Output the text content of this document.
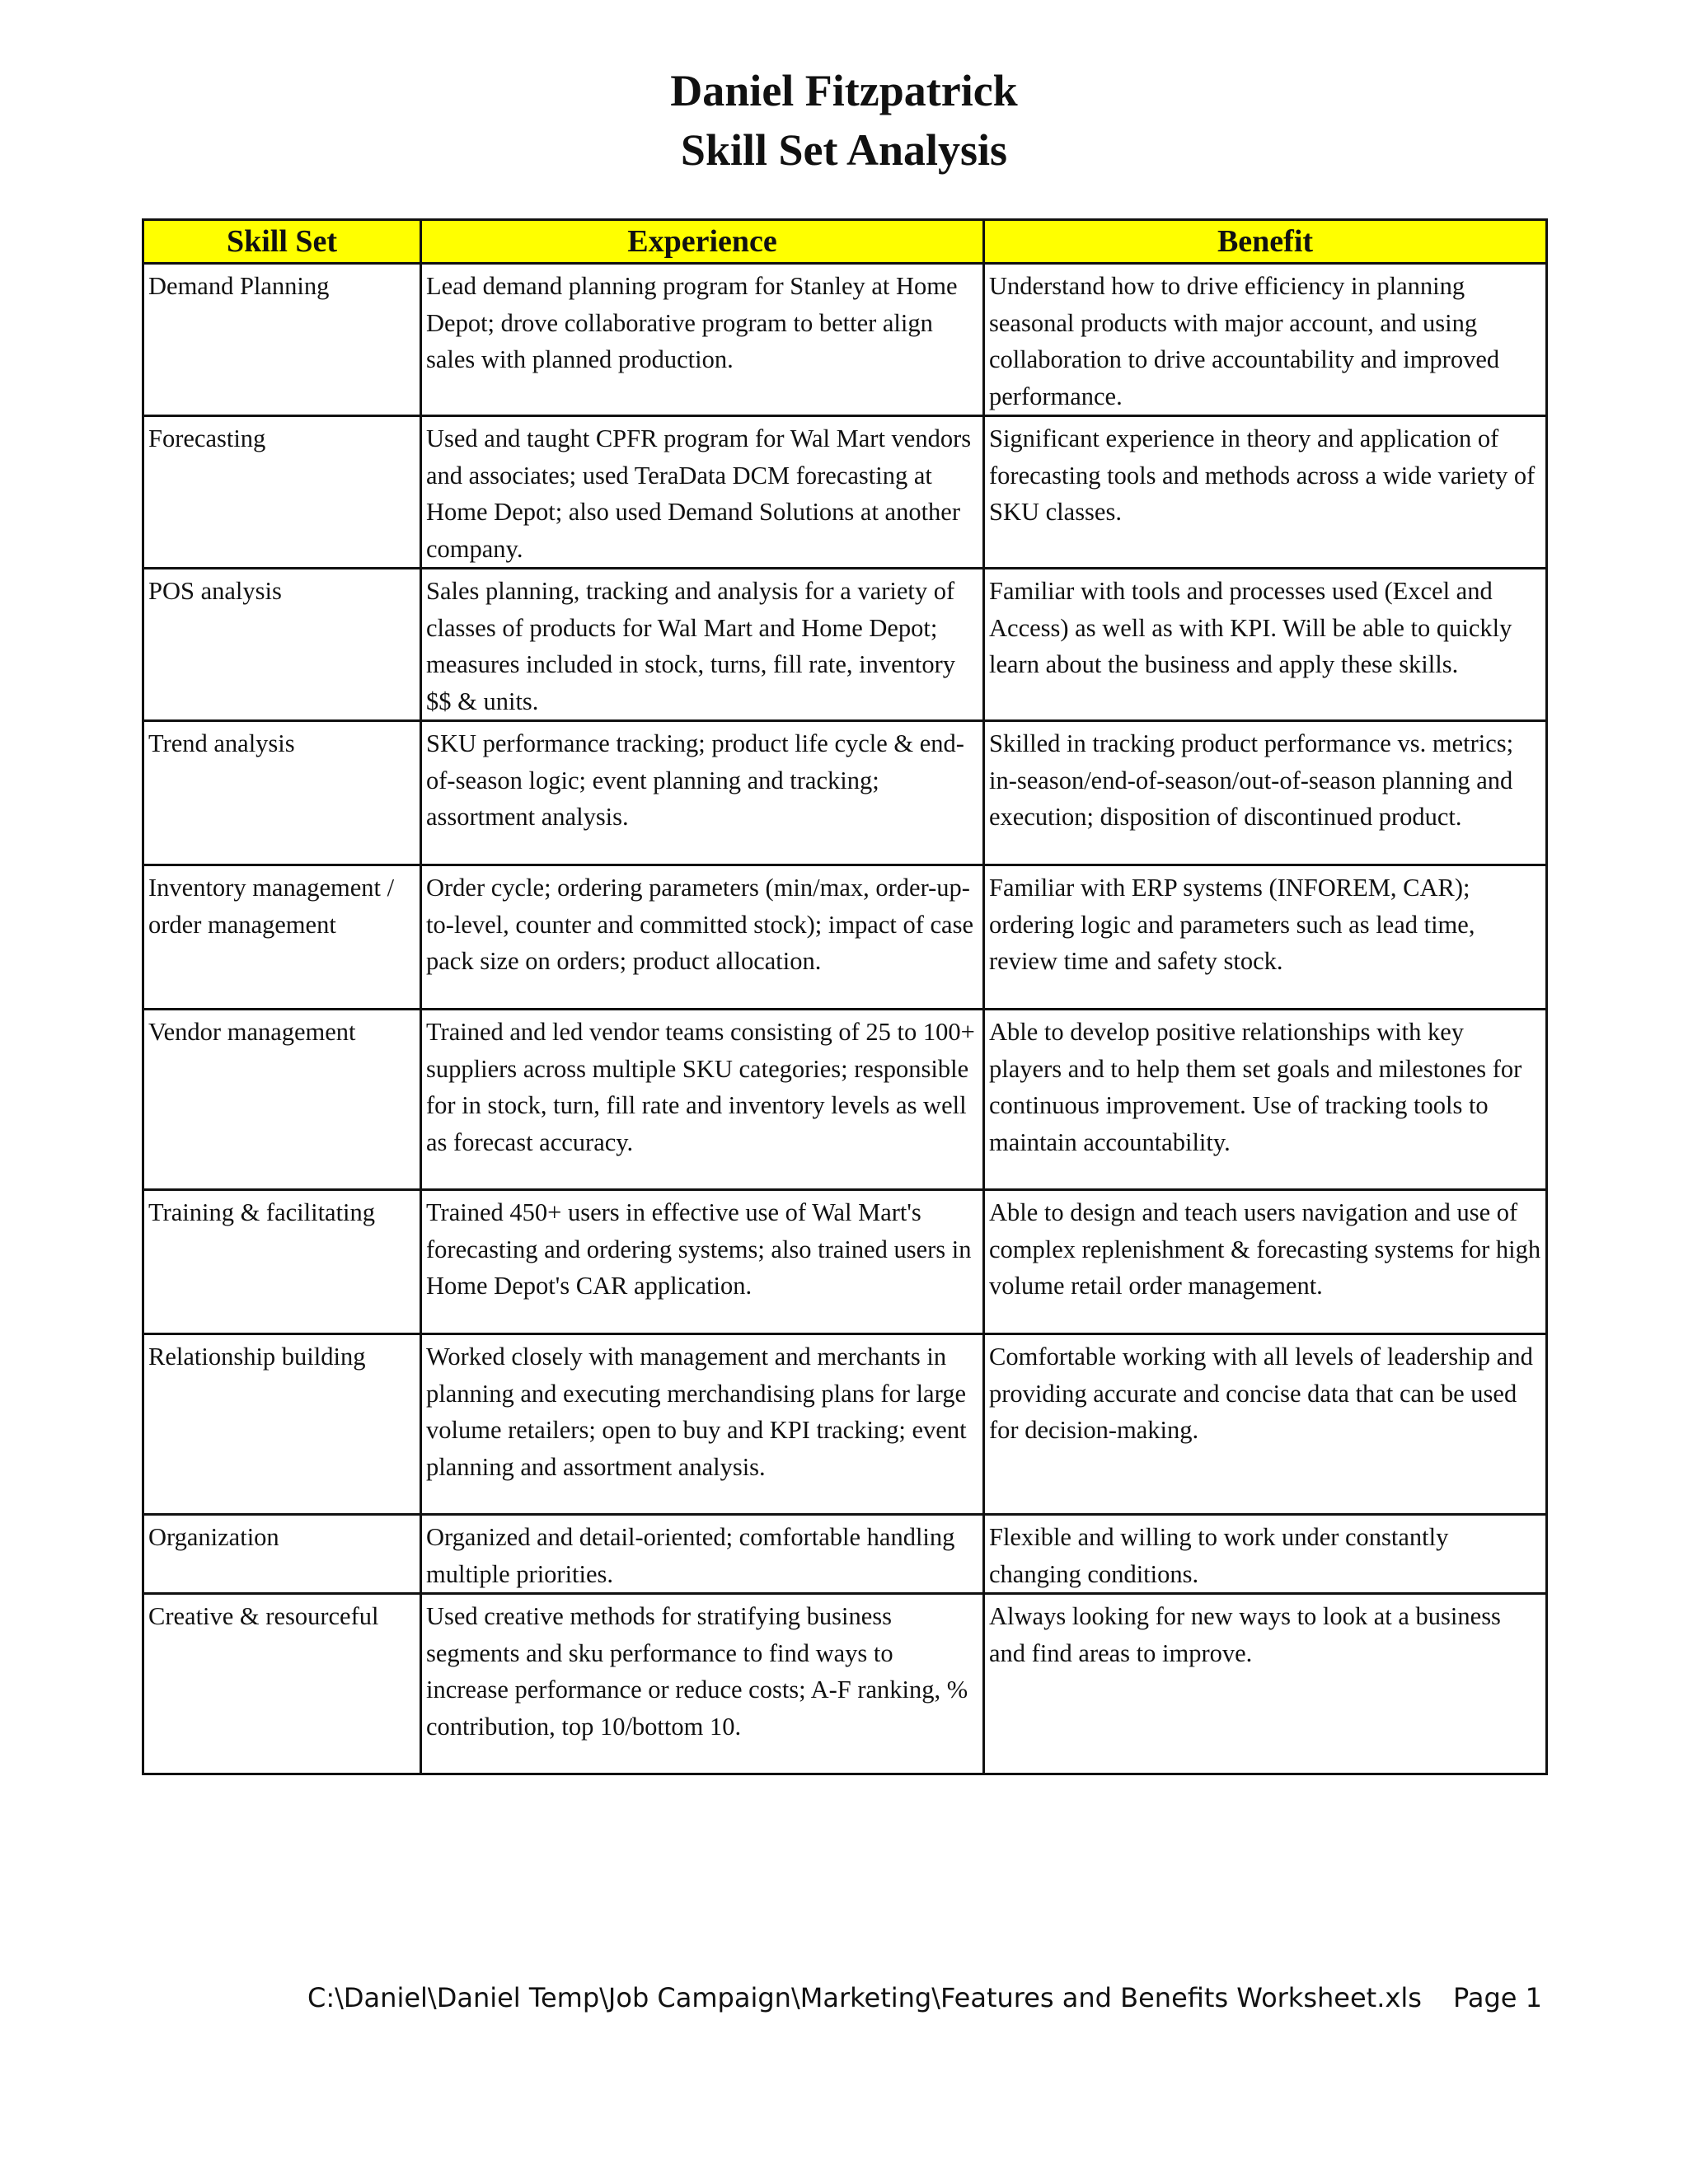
Daniel Fitzpatrick
Skill Set Analysis
Skill Set	Experience	Benefit
Demand Planning	Lead demand planning program for Stanley at Home Depot; drove collaborative program to better align sales with planned production.	Understand how to drive efficiency in planning seasonal products with major account, and using collaboration to drive accountability and improved performance.
Forecasting	Used and taught CPFR program for Wal Mart vendors and associates; used TeraData DCM forecasting at Home Depot; also used Demand Solutions at another company.	Significant experience in theory and application of forecasting tools and methods across a wide variety of SKU classes.
POS analysis	Sales planning, tracking and analysis for a variety of classes of products for Wal Mart and Home Depot; measures included in stock, turns, fill rate, inventory $$ & units.	Familiar with tools and processes used (Excel and Access) as well as with KPI. Will be able to quickly learn about the business and apply these skills.
Trend analysis	SKU performance tracking; product life cycle & end-of-season logic; event planning and tracking; assortment analysis.	Skilled in tracking product performance vs. metrics; in-season/end-of-season/out-of-season planning and execution; disposition of discontinued product.
Inventory management / order management	Order cycle; ordering parameters (min/max, order-up-to-level, counter and committed stock); impact of case pack size on orders; product allocation.	Familiar with ERP systems (INFOREM, CAR); ordering logic and parameters such as lead time, review time and safety stock.
Vendor management	Trained and led vendor teams consisting of 25 to 100+ suppliers across multiple SKU categories; responsible for in stock, turn, fill rate and inventory levels as well as forecast accuracy.	Able to develop positive relationships with key players and to help them set goals and milestones for continuous improvement. Use of tracking tools to maintain accountability.
Training & facilitating	Trained 450+ users in effective use of Wal Mart's forecasting and ordering systems; also trained users in Home Depot's CAR application.	Able to design and teach users navigation and use of complex replenishment & forecasting systems for high volume retail order management.
Relationship building	Worked closely with management and merchants in planning and executing merchandising plans for large volume retailers; open to buy and KPI tracking; event planning and assortment analysis.	Comfortable working with all levels of leadership and providing accurate and concise data that can be used for decision-making.
Organization	Organized and detail-oriented; comfortable handling multiple priorities.	Flexible and willing to work under constantly changing conditions.
Creative & resourceful	Used creative methods for stratifying business segments and sku performance to find ways to increase performance or reduce costs; A-F ranking, % contribution, top 10/bottom 10.	Always looking for new ways to look at a business and find areas to improve.
C:\Daniel\Daniel Temp\Job Campaign\Marketing\Features and Benefits Worksheet.xls Page 1
